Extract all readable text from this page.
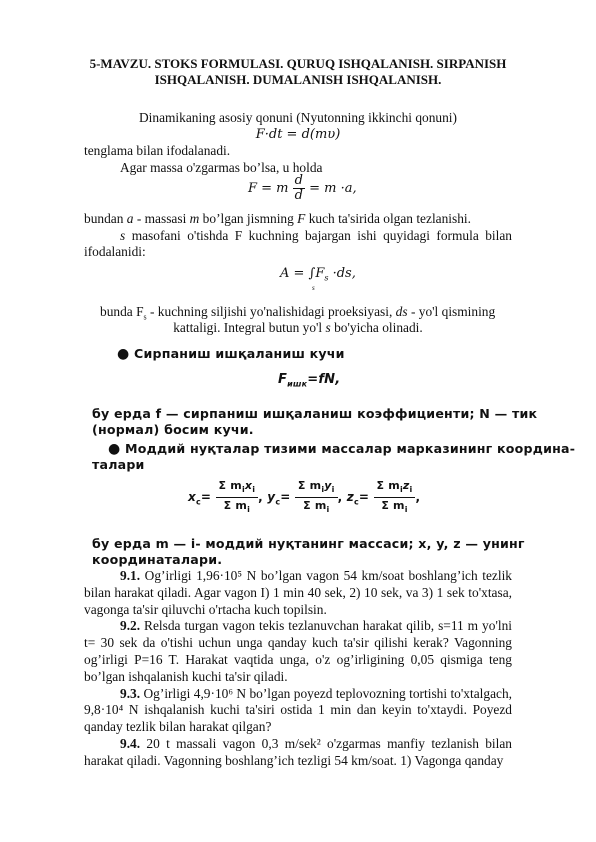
5-MAVZU. STOKS FORMULASI. QURUQ ISHQALANISH. SIRPANISH ISHQALANISH. DUMALANISH ISHQALANISH.
Dinamikaning asosiy qonuni (Nyutonning ikkinchi qonuni)
F·dt = d(mυ)
tenglama bilan ifodalanadi.
Agar massa o'zgarmas bo’lsa, u holda
F = m $\frac{d}{d} = m \cdot a$,
bundan a - massasi m bo’lgan jismning F kuch ta'sirida olgan tezlanishi.
s masofani o'tishda F kuchning bajargan ishi quyidagi formula bilan ifodalanidi:
$A = \int F_s \cdot ds$,
s
bunda $F_s$ - kuchning siljishi yo'nalishidagi proeksiyasi, ds - yo'l qismining
kattaligi. Integral butun yo'l s bo'yicha olinadi.
● Сирпаниш ишқаланиш кучи
$F_{ишк}=fN$,
бу ерда f — сирпаниш ишқаланиш коэффициенти; N — тик
(нормал) босим кучи.
● Моддий нуқталар тизими массалар марказининг координа-
талари
$x_c= \frac{\Sigma m_ix_i}{\Sigma m_i}$ , $y_c= \frac{\Sigma m_iy_i}{\Sigma m_i}$ , $z_c= \frac{\Sigma m_iz_i}{\Sigma m_i}$ ,
бу ерда m — i- моддий нуқтанинг массаси; x, y, z — унинг
координаталари.

9.1. Og’irligi 1,96·10⁵ N bo’lgan vagon 54 km/soat boshlang’ich tezlik bilan harakat qiladi. Agar vagon I) 1 min 40 sek, 2) 10 sek, va 3) 1 sek to'xtasa, vagonga ta'sir qiluvchi o'rtacha kuch topilsin.

9.2. Relsda turgan vagon tekis tezlanuvchan harakat qilib, s=11 m yo'lni t= 30 sek da o'tishi uchun unga qanday kuch ta'sir qilishi kerak? Vagonning og’irligi P=16 T. Harakat vaqtida unga, o'z og’irligining 0,05 qismiga teng bo’lgan ishqalanish kuchi ta'sir qiladi.

9.3. Og’irligi 4,9·10⁶ N bo’lgan poyezd teplovozning tortishi to'xtalgach, 9,8·10⁴ N ishqalanish kuchi ta'siri ostida 1 min dan keyin to'xtaydi. Poyezd qanday tezlik bilan harakat qilgan?

9.4. 20 t massali vagon 0,3 m/sek² o'zgarmas manfiy tezlanish bilan harakat qiladi. Vagonning boshlang’ich tezligi 54 km/soat. 1) Vagonga qanday
